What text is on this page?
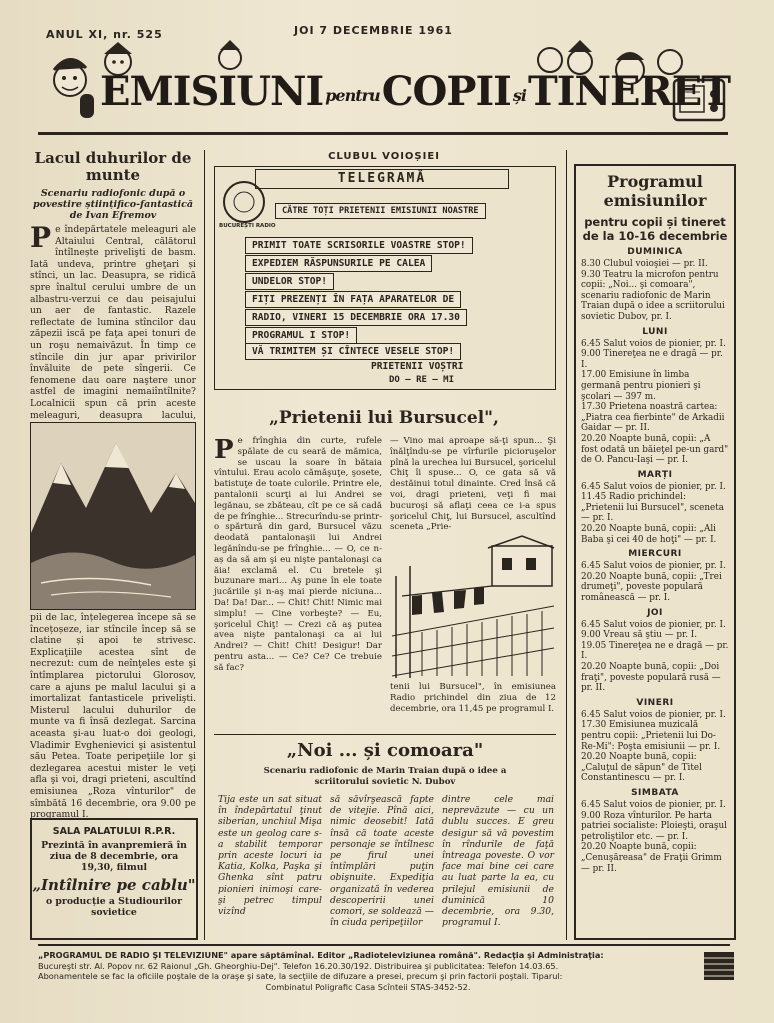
ANUL XI, nr. 525	JOI 7 DECEMBRIE 1961
EMISIUNI pentruCOPII șiTINERET
Lacul duhurilor de munte
Scenariu radiofonic după o povestire științifico-fantastică de Ivan Efremov
Pe îndepărtatele meleaguri ale Altaiului Central, călătorul întîlnește privelişti de basm. Iată undeva, printre gheţari și stînci, un lac. Deasupra, se ridică spre înaltul cerului umbre de un albastru-verzui ce dau peisajului un aer de fantastic. Razele reflectate de lumina stîncilor dau zăpezii iscă pe faţa apei tonuri de un roşu nemaivăzut. În timp ce stîncile din jur apar privirilor învăluite de pete sîngerii. Ce fenomene dau oare naştere unor astfel de imagini nemaiîntîlnite? Localnicii spun că prin aceste meleaguri, deasupra lacului,
pii de lac, înțelegerea începe să se încețoșeze, iar stîncile încep să se clatine și apoi te strivesc. Explicaţiile acestea sînt de necrezut: cum de neînţeles este şi întîmplarea pictorului Glorosov, care a ajuns pe malul lacului şi a imortalizat fantasticele privelişti. Misterul lacului duhurilor de munte va fi însă dezlegat. Sarcina aceasta şi-au luat-o doi geologi, Vladimir Evghenievici şi asistentul său Petea. Toate peripeţiile lor şi dezlegarea acestui mister le veţi afla şi voi, dragi prieteni, ascultînd emisiunea „Roza vînturilor" de sîmbătă 16 decembrie, ora 9.00 pe programul I.
SALA PALATULUI R.P.R.
Prezintă în avanpremieră în ziua de 8 decembrie, ora 19,30, filmul
„Intîlnire pe cablu"
o producție a Studiourilor sovietice
CLUBUL VOIOȘIEI
TELEGRAMĂ
BUCUREȘTI RADIO
CĂTRE TOȚI PRIETENII EMISIUNII NOASTRE
PRIMIT TOATE SCRISORILE VOASTRE STOP!
EXPEDIEM RĂSPUNSURILE PE CALEA
UNDELOR STOP!
FIȚI PREZENȚI ÎN FAȚA APARATELOR DE
RADIO, VINERI 15 DECEMBRIE ORA 17.30
PROGRAMUL I STOP!
VĂ TRIMITEM ȘI CÎNTECE VESELE STOP!
PRIETENII VOȘTRI
DO — RE — MI
„Prietenii lui Bursucel",
Pe frînghia din curte, rufele spălate de cu seară de mămica, se uscau la soare în bătaia vîntului. Erau acolo cămăşuţe, şosete, batistuţe de toate culorile. Printre ele, pantalonii scurţi ai lui Andrei se legănau, se zbăteau, cît pe ce să cadă de pe frînghie... Strecurîndu-se printr-o spărtură din gard, Bursucel văzu deodată pantalonaşii lui Andrei legănîndu-se pe frînghie... — O, ce n-aș da să am şi eu nişte pantalonaşi ca ăia! exclamă el. Cu bretele şi buzunare mari... Aş pune în ele toate jucăriile şi n-aş mai pierde niciuna... Da! Da! Dar... — Chit! Chit! Nimic mai simplu! — Cine vorbeşte? — Eu, şoricelul Chiţ! — Crezi că aş putea avea nişte pantalonaşi ca ai lui Andrei? — Chit! Chit! Desigur! Dar pentru asta... — Ce? Ce? Ce trebuie să fac?
— Vino mai aproape să-ţi spun... Şi înălţîndu-se pe vîrfurile picioruşelor pînă la urechea lui Bursucel, şoricelul Chiţ îi spuse... O, ce gata să vă destăinui totul dinainte. Cred însă că voi, dragi prieteni, veţi fi mai bucuroşi să aflaţi ceea ce i-a spus şoricelul Chiţ, lui Bursucel, ascultînd sceneta „Prie-
tenii lui Bursucel", în emisiunea Radio prichindel din ziua de 12 decembrie, ora 11,45 pe programul I.
„Noi ... și comoara"
Scenariu radiofonic de Marin Traian după o idee a scriitorului sovietic N. Dubov
Tija este un sat situat în îndepărtatul ţinut siberian, unchiul Mişa este un geolog care s-a stabilit temporar prin aceste locuri ia Katia, Kolka, Paşka şi Ghenka sînt patru pionieri inimoşi care-şi petrec timpul vizînd
să săvîrşească fapte de vitejie. Pînă aici, nimic deosebit! Iată însă că toate aceste personaje se întîlnesc pe firul unei întîmplări puţin obişnuite. Expediţia organizată în vederea descoperirii unei comori, se soldează — în ciuda peripeţiilor
dintre cele mai neprevăzute — cu un dublu succes. E greu desigur să vă povestim în rîndurile de faţă întreaga poveste. O vor face mai bine cei care au luat parte la ea, cu prilejul emisiunii de duminică 10 decembrie, ora 9.30, programul I.
Programul emisiunilor
pentru copii și tineret de la 10-16 decembrie
DUMINICA

8.30 Clubul voioşiei — pr. II.

9.30 Teatru la microfon pentru copii: „Noi... şi comoara", scenariu radiofonic de Marin Traian după o idee a scriitorului sovietic Dubov, pr. I.

LUNI

6.45 Salut voios de pionier, pr. I.

9.00 Tinereţea ne e dragă — pr. I.

17.00 Emisiune în limba germană pentru pionieri şi şcolari — 397 m.

17.30 Prietena noastră cartea: „Piatra cea fierbinte" de Arkadii Gaidar — pr. II.

20.20 Noapte bună, copii: „A fost odată un băieţel pe-un gard" de O. Pancu-Iaşi — pr. I.

MARȚI

6.45 Salut voios de pionier, pr. I.

11.45 Radio prichindel: „Prietenii lui Bursucel", sceneta — pr. I.

20.20 Noapte bună, copii: „Ali Baba şi cei 40 de hoţi" — pr. I.

MIERCURI

6.45 Salut voios de pionier, pr. I.

20.20 Noapte bună, copii: „Trei drumeţi", poveste populară românească — pr. I.

JOI

6.45 Salut voios de pionier, pr. I.

9.00 Vreau să ştiu — pr. I.

19.05 Tinereţea ne e dragă — pr. I.

20.20 Noapte bună, copii: „Doi fraţi", poveste populară rusă — pr. II.

VINERI

6.45 Salut voios de pionier, pr. I.

17.30 Emisiunea muzicală pentru copii: „Prietenii lui Do-Re-Mi": Poşta emisiunii — pr. I.

20.20 Noapte bună, copii: „Caluţul de săpun" de Titel Constantinescu — pr. I.

SIMBATA

6.45 Salut voios de pionier, pr. I.

9.00 Roza vînturilor. Pe harta patriei socialiste: Ploieşti, oraşul petroliştilor etc. — pr. I.

20.20 Noapte bună, copii: „Cenuşăreasa" de Fraţii Grimm — pr. II.

„PROGRAMUL DE RADIO ŞI TELEVIZIUNE" apare săptămînal. Editor „Radioteleviziunea română". Redacţia şi Administraţia:
Bucureşti str. Al. Popov nr. 62 Raionul „Gh. Gheorghiu-Dej". Telefon 16.20.30/192. Distribuirea şi publicitatea: Telefon 14.03.65.
Abonamentele se fac la oficiile poştale de la oraşe şi sate, la secţiile de difuzare a presei, precum şi prin factorii poştali. Tiparul:
Combinatul Poligrafic Casa Scînteii STAS-3452-52.
